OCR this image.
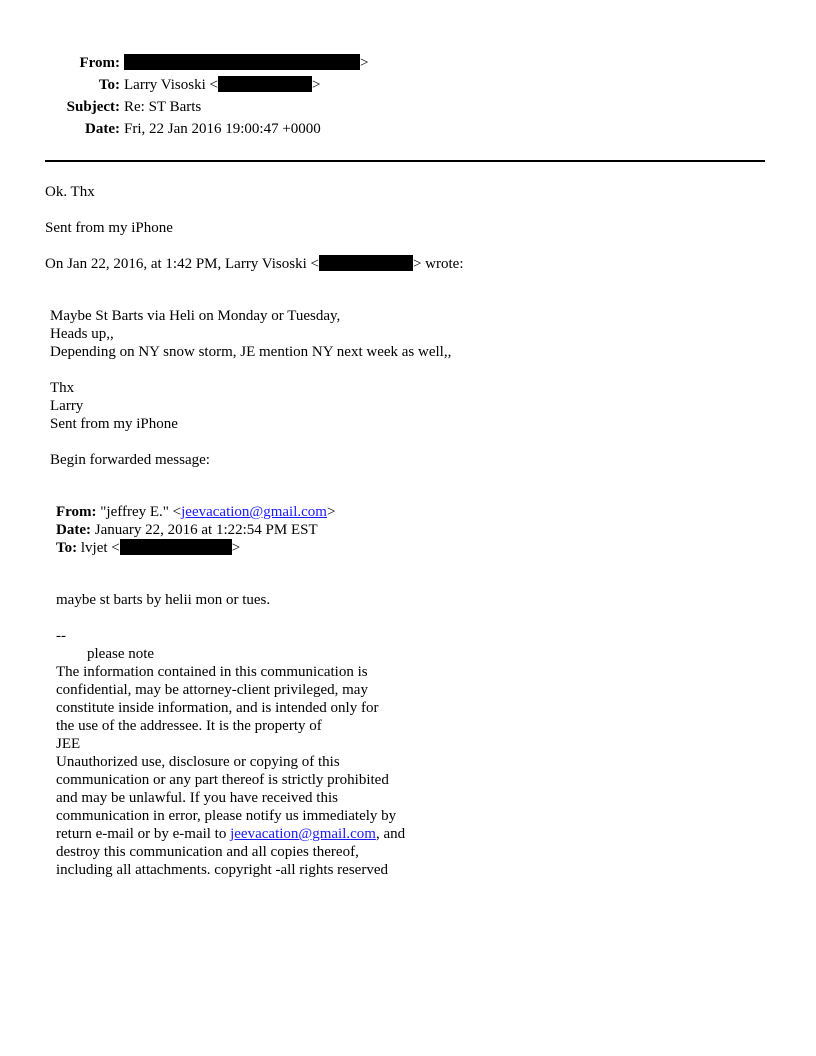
From:	>
To: Larry Visoski <	>
Subject: Re: ST Barts
Date: Fri, 22 Jan 2016 19:00:47 +0000
Ok. Thx
Sent from my iPhone
On Jan 22, 2016, at 1:42 PM, Larry Visoski <	> wrote:
Maybe St Barts via Heli on Monday or Tuesday,
Heads up,,
Depending on NY snow storm, JE mention NY next week as well,,
Thx
Larry
Sent from my iPhone
Begin forwarded message:
From: "jeffrey E." <jeevacation@gmail.com>
Date: January 22, 2016 at 1:22:54 PM EST
To: lvjet <	>
maybe st barts by helii mon or tues.
--
please note
The information contained in this communication is
confidential, may be attorney-client privileged, may
constitute inside information, and is intended only for
the use of the addressee. It is the property of
JEE
Unauthorized use, disclosure or copying of this
communication or any part thereof is strictly prohibited
and may be unlawful. If you have received this
communication in error, please notify us immediately by
return e-mail or by e-mail to jeevacation@gmail.com, and
destroy this communication and all copies thereof,
including all attachments. copyright -all rights reserved
